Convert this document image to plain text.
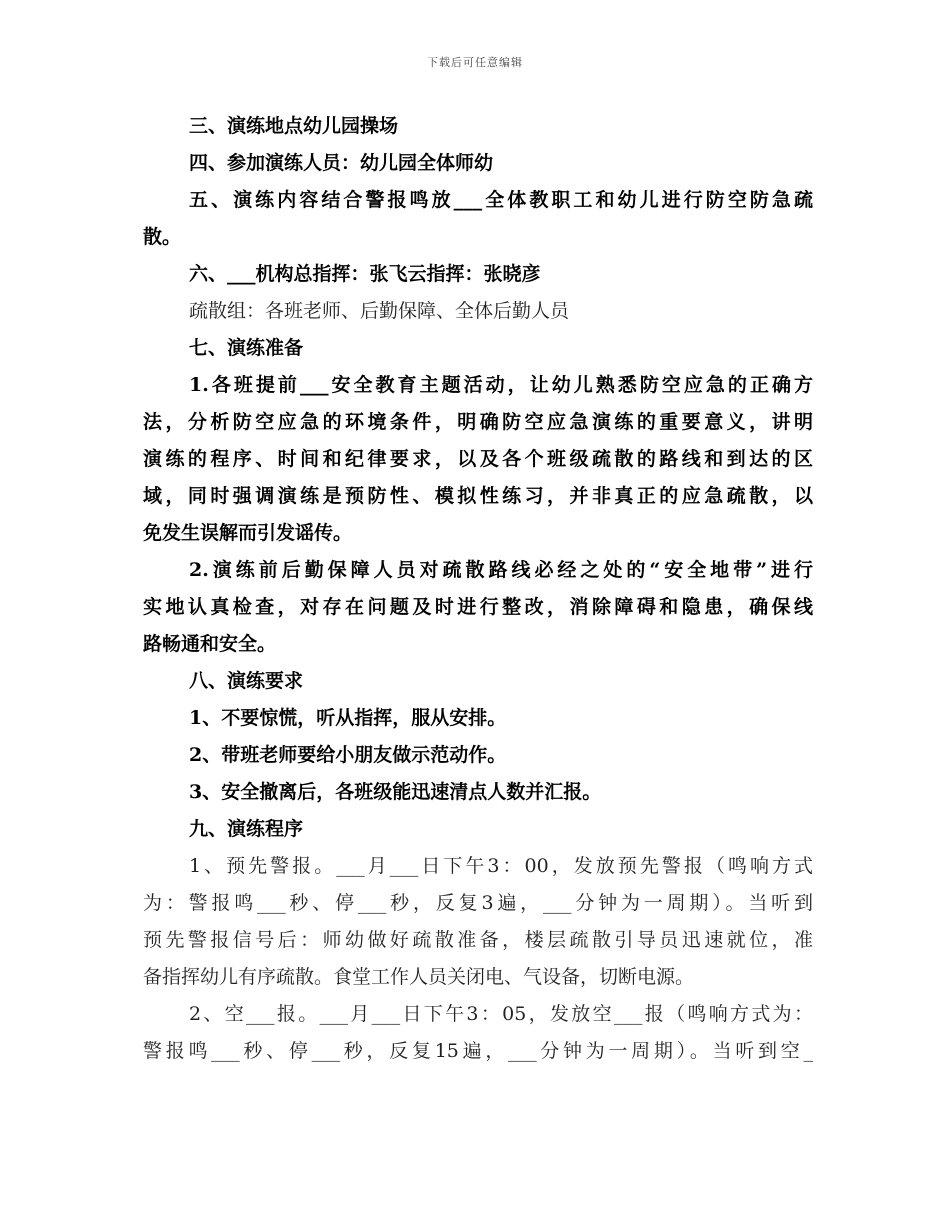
下载后可任意编辑
三、演练地点幼儿园操场
四、参加演练人员：幼儿园全体师幼
五、演练内容结合警报鸣放___全体教职工和幼儿进行防空防急疏
散。
六、___机构总指挥：张飞云指挥：张晓彦
疏散组：各班老师、后勤保障、全体后勤人员
七、演练准备
1.各班提前___安全教育主题活动，让幼儿熟悉防空应急的正确方
法，分析防空应急的环境条件，明确防空应急演练的重要意义，讲明
演练的程序、时间和纪律要求，以及各个班级疏散的路线和到达的区
域，同时强调演练是预防性、模拟性练习，并非真正的应急疏散，以
免发生误解而引发谣传。
2.演练前后勤保障人员对疏散路线必经之处的“安全地带”进行
实地认真检查，对存在问题及时进行整改，消除障碍和隐患，确保线
路畅通和安全。
八、演练要求
1、不要惊慌，听从指挥，服从安排。
2、带班老师要给小朋友做示范动作。
3、安全撤离后，各班级能迅速清点人数并汇报。
九、演练程序
1、预先警报。___月___日下午3：00，发放预先警报（鸣响方式
为：警报鸣___秒、停___秒，反复3遍，___分钟为一周期）。当听到
预先警报信号后：师幼做好疏散准备，楼层疏散引导员迅速就位，准
备指挥幼儿有序疏散。食堂工作人员关闭电、气设备，切断电源。
2、空___报。___月___日下午3：05，发放空___报（鸣响方式为：
警报鸣___秒、停___秒，反复15遍，___分钟为一周期）。当听到空_
